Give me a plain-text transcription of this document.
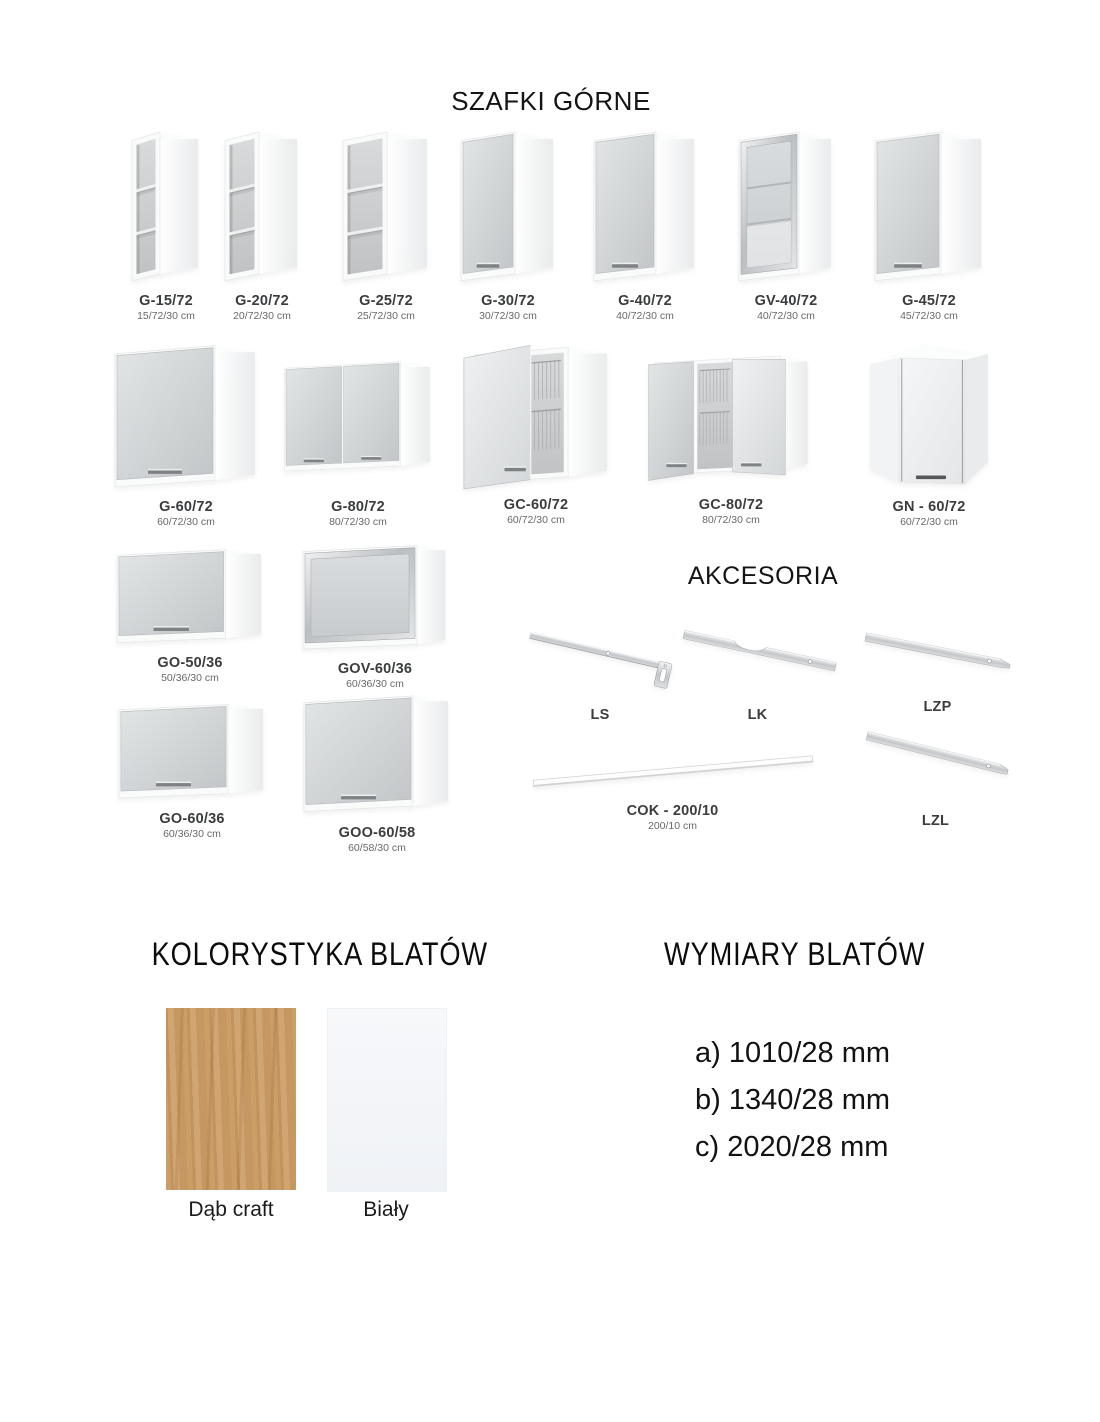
SZAFKI GÓRNE
AKCESORIA
KOLORYSTYKA BLATÓW	WYMIARY BLATÓW
Dąb craft	Biały
a) 1010/28 mm
b) 1340/28 mm
c) 2020/28 mm
G-15/72
15/72/30 cm
G-20/72
20/72/30 cm
G-25/72
25/72/30 cm
G-30/72
30/72/30 cm
G-40/72
40/72/30 cm
GV-40/72
40/72/30 cm
G-45/72
45/72/30 cm
G-60/72
60/72/30 cm
G-80/72
80/72/30 cm
GC-60/72
60/72/30 cm
GC-80/72
80/72/30 cm
GN - 60/72
60/72/30 cm
GO-50/36
50/36/30 cm
GOV-60/36
60/36/30 cm
GO-60/36
60/36/30 cm	GOO-60/58
60/58/30 cm
LS	LK	LZP
COK - 200/10
200/10 cm	LZL
